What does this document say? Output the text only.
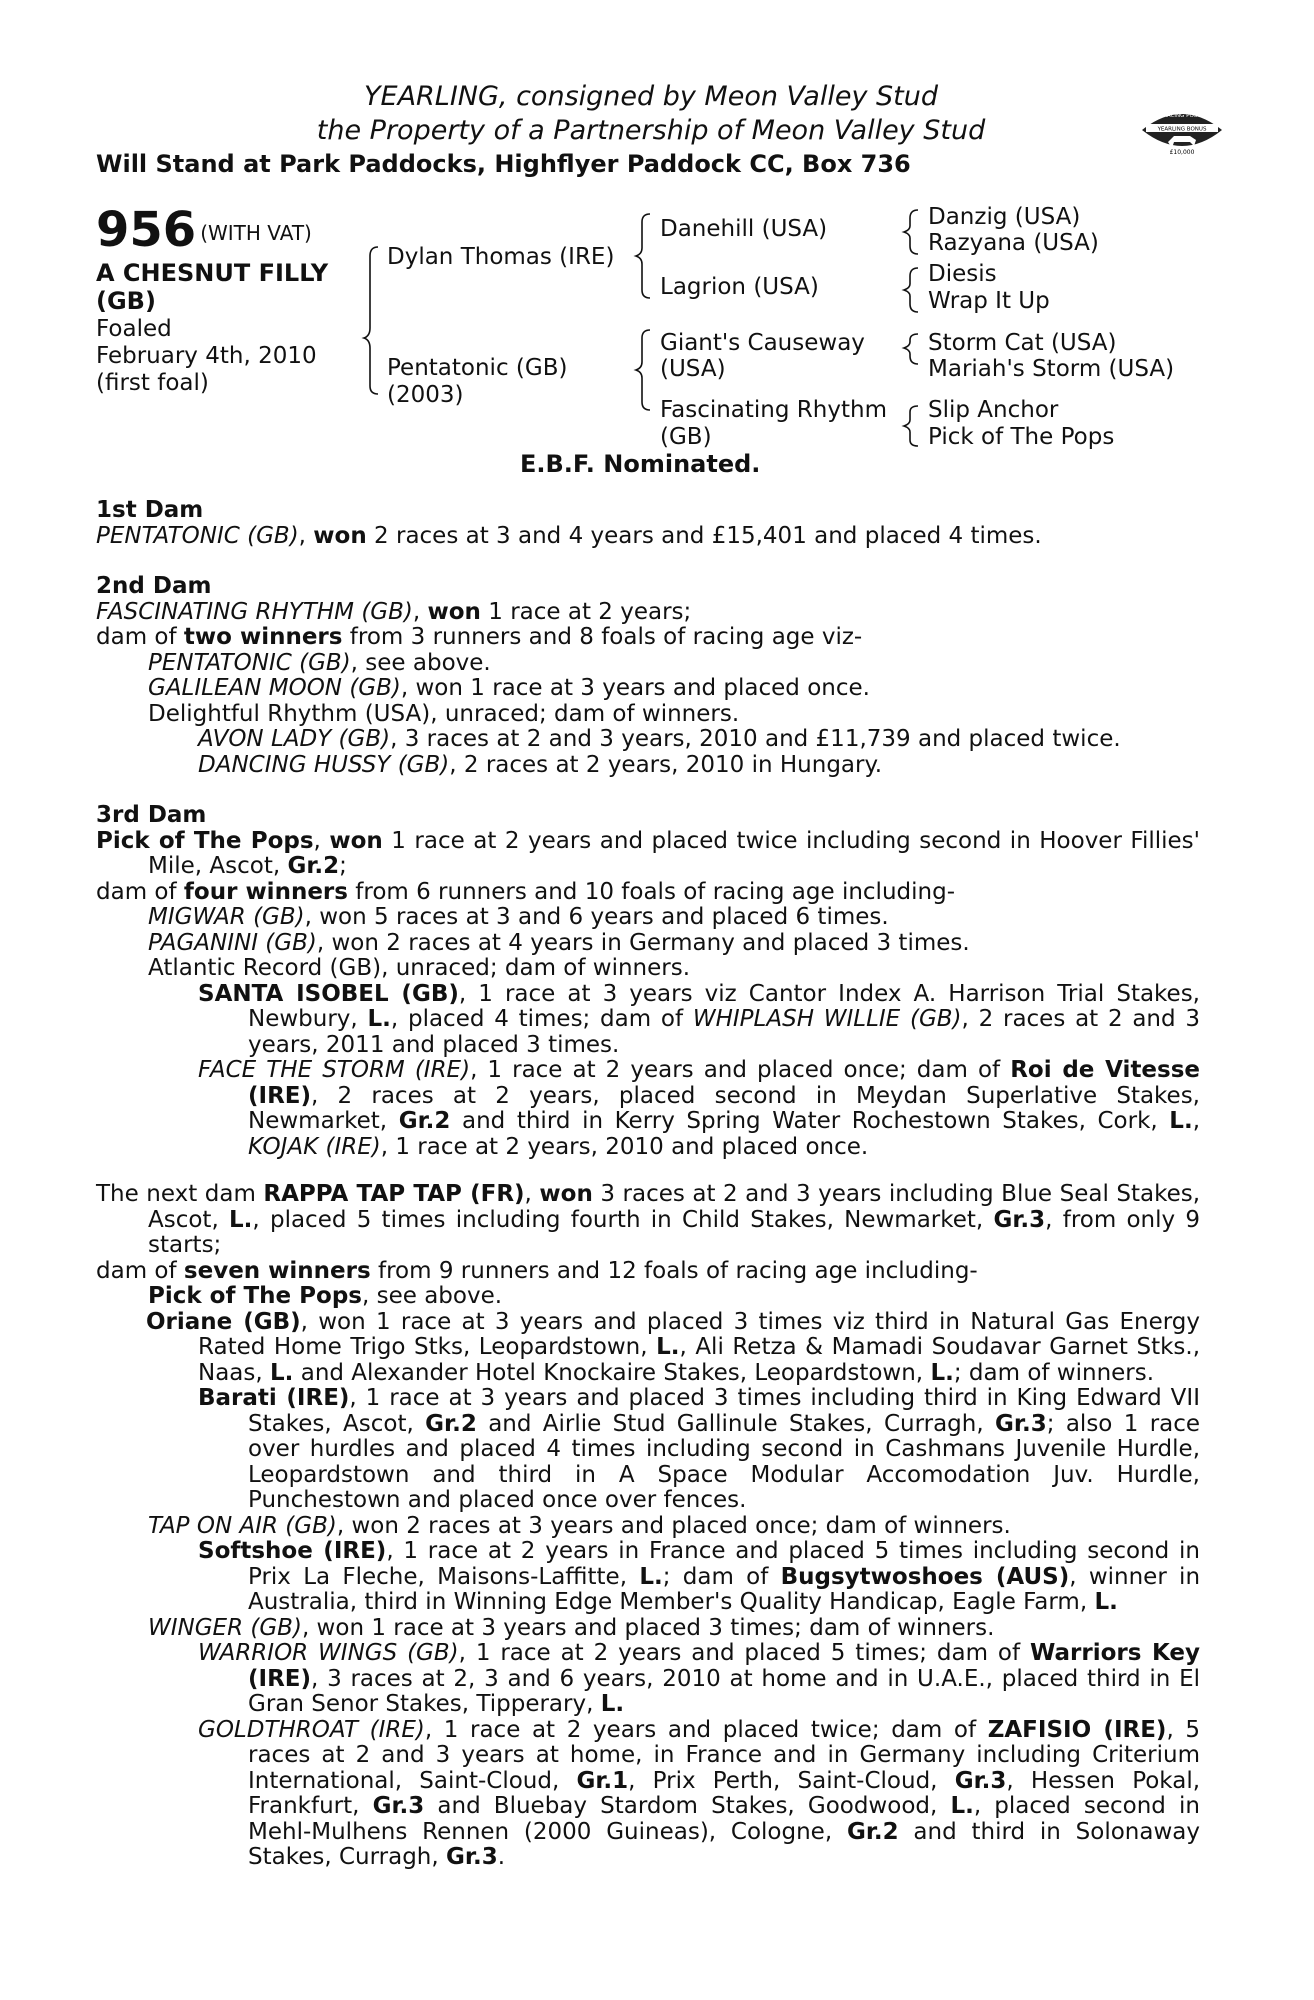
YEARLING, consigned by Meon Valley Stud
the Property of a Partnership of Meon Valley Stud
Will Stand at Park Paddocks, Highflyer Paddock CC, Box 736
RACING POST
YEARLING BONUS
£10,000
956 (WITH VAT)
A CHESNUT FILLY
(GB)
Foaled
February 4th, 2010
(first foal)
Dylan Thomas (IRE)
Pentatonic (GB)
(2003)
Danehill (USA)
Lagrion (USA)
Giant's Causeway
(USA)
Fascinating Rhythm
(GB)
Danzig (USA)
Razyana (USA)
Diesis
Wrap It Up
Storm Cat (USA)
Mariah's Storm (USA)
Slip Anchor
Pick of The Pops
E.B.F. Nominated.
1st Dam
PENTATONIC (GB), won 2 races at 3 and 4 years and £15,401 and placed 4 times.
2nd Dam
FASCINATING RHYTHM (GB), won 1 race at 2 years;
dam of two winners from 3 runners and 8 foals of racing age viz-
PENTATONIC (GB), see above.
GALILEAN MOON (GB), won 1 race at 3 years and placed once.
Delightful Rhythm (USA), unraced; dam of winners.
AVON LADY (GB), 3 races at 2 and 3 years, 2010 and £11,739 and placed twice.
DANCING HUSSY (GB), 2 races at 2 years, 2010 in Hungary.
3rd Dam
Pick of The Pops, won 1 race at 2 years and placed twice including second in Hoover Fillies' Mile, Ascot, Gr.2;
dam of four winners from 6 runners and 10 foals of racing age including-
MIGWAR (GB), won 5 races at 3 and 6 years and placed 6 times.
PAGANINI (GB), won 2 races at 4 years in Germany and placed 3 times.
Atlantic Record (GB), unraced; dam of winners.
SANTA ISOBEL (GB), 1 race at 3 years viz Cantor Index A. Harrison Trial Stakes, Newbury, L., placed 4 times; dam of WHIPLASH WILLIE (GB), 2 races at 2 and 3 years, 2011 and placed 3 times.
FACE THE STORM (IRE), 1 race at 2 years and placed once; dam of Roi de Vitesse (IRE), 2 races at 2 years, placed second in Meydan Superlative Stakes, Newmarket, Gr.2 and third in Kerry Spring Water Rochestown Stakes, Cork, L., KOJAK (IRE), 1 race at 2 years, 2010 and placed once.
The next dam RAPPA TAP TAP (FR), won 3 races at 2 and 3 years including Blue Seal Stakes, Ascot, L., placed 5 times including fourth in Child Stakes, Newmarket, Gr.3, from only 9 starts;
dam of seven winners from 9 runners and 12 foals of racing age including-
Pick of The Pops, see above.
Oriane (GB), won 1 race at 3 years and placed 3 times viz third in Natural Gas Energy Rated Home Trigo Stks, Leopardstown, L., Ali Retza & Mamadi Soudavar Garnet Stks., Naas, L. and Alexander Hotel Knockaire Stakes, Leopardstown, L.; dam of winners.
Barati (IRE), 1 race at 3 years and placed 3 times including third in King Edward VII Stakes, Ascot, Gr.2 and Airlie Stud Gallinule Stakes, Curragh, Gr.3; also 1 race over hurdles and placed 4 times including second in Cashmans Juvenile Hurdle, Leopardstown and third in A Space Modular Accomodation Juv. Hurdle, Punchestown and placed once over fences.
TAP ON AIR (GB), won 2 races at 3 years and placed once; dam of winners.
Softshoe (IRE), 1 race at 2 years in France and placed 5 times including second in Prix La Fleche, Maisons-Laffitte, L.; dam of Bugsytwoshoes (AUS), winner in Australia, third in Winning Edge Member's Quality Handicap, Eagle Farm, L.
WINGER (GB), won 1 race at 3 years and placed 3 times; dam of winners.
WARRIOR WINGS (GB), 1 race at 2 years and placed 5 times; dam of Warriors Key (IRE), 3 races at 2, 3 and 6 years, 2010 at home and in U.A.E., placed third in El Gran Senor Stakes, Tipperary, L.
GOLDTHROAT (IRE), 1 race at 2 years and placed twice; dam of ZAFISIO (IRE), 5 races at 2 and 3 years at home, in France and in Germany including Criterium International, Saint-Cloud, Gr.1, Prix Perth, Saint-Cloud, Gr.3, Hessen Pokal, Frankfurt, Gr.3 and Bluebay Stardom Stakes, Goodwood, L., placed second in Mehl-Mulhens Rennen (2000 Guineas), Cologne, Gr.2 and third in Solonaway Stakes, Curragh, Gr.3.
